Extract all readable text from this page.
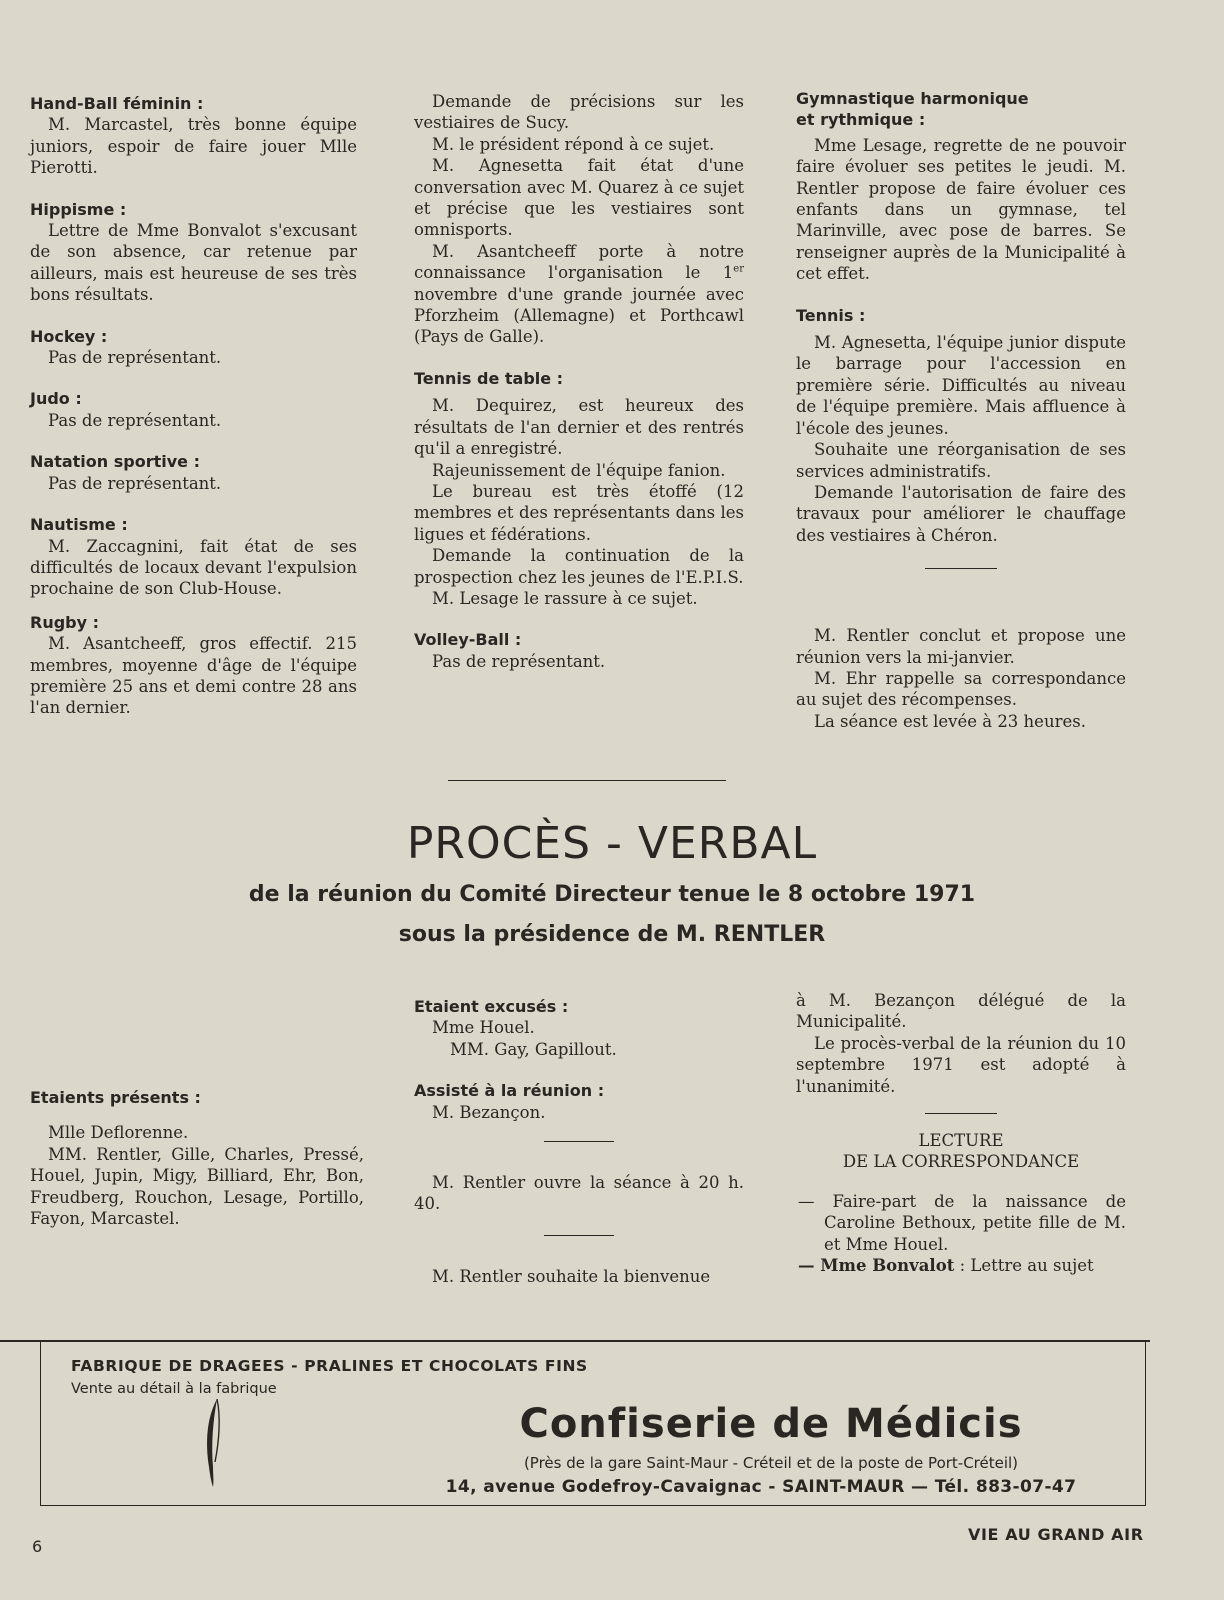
Hand-Ball féminin :

M. Marcastel, très bonne équipe juniors, espoir de faire jouer Mlle Pierotti.

Hippisme :

Lettre de Mme Bonvalot s'excusant de son absence, car retenue par ailleurs, mais est heureuse de ses très bons résultats.

Hockey :

Pas de représentant.

Judo :

Pas de représentant.

Natation sportive :

Pas de représentant.

Nautisme :

M. Zaccagnini, fait état de ses difficultés de locaux devant l'expulsion prochaine de son Club-House.

Rugby :

M. Asantcheeff, gros effectif. 215 membres, moyenne d'âge de l'équipe première 25 ans et demi contre 28 ans l'an dernier.

Demande de précisions sur les vestiaires de Sucy.

M. le président répond à ce sujet.

M. Agnesetta fait état d'une conversation avec M. Quarez à ce sujet et précise que les vestiaires sont omnisports.

M. Asantcheeff porte à notre connaissance l'organisation le 1er novembre d'une grande journée avec Pforzheim (Allemagne) et Porthcawl (Pays de Galle).

Tennis de table :

M. Dequirez, est heureux des résultats de l'an dernier et des rentrés qu'il a enregistré.

Rajeunissement de l'équipe fanion.

Le bureau est très étoffé (12 membres et des représentants dans les ligues et fédérations.

Demande la continuation de la prospection chez les jeunes de l'E.P.I.S.

M. Lesage le rassure à ce sujet.

Volley-Ball :

Pas de représentant.

Gymnastique harmonique et rythmique :

Mme Lesage, regrette de ne pouvoir faire évoluer ses petites le jeudi. M. Rentler propose de faire évoluer ces enfants dans un gymnase, tel Marinville, avec pose de barres. Se renseigner auprès de la Municipalité à cet effet.

Tennis :

M. Agnesetta, l'équipe junior dispute le barrage pour l'accession en première série. Difficultés au niveau de l'équipe première. Mais affluence à l'école des jeunes.

Souhaite une réorganisation de ses services administratifs.

Demande l'autorisation de faire des travaux pour améliorer le chauffage des vestiaires à Chéron.

M. Rentler conclut et propose une réunion vers la mi-janvier.

M. Ehr rappelle sa correspondance au sujet des récompenses.

La séance est levée à 23 heures.

PROCÈS - VERBAL
de la réunion du Comité Directeur tenue le 8 octobre 1971
sous la présidence de M. RENTLER

Etaients présents :

Mlle Deflorenne.

MM. Rentler, Gille, Charles, Pressé, Houel, Jupin, Migy, Billiard, Ehr, Bon, Freudberg, Rouchon, Lesage, Portillo, Fayon, Marcastel.

Etaient excusés :

Mme Houel.

MM. Gay, Gapillout.

Assisté à la réunion :

M. Bezançon.

M. Rentler ouvre la séance à 20 h. 40.

M. Rentler souhaite la bienvenue

à M. Bezançon délégué de la Municipalité.

Le procès-verbal de la réunion du 10 septembre 1971 est adopté à l'unanimité.

LECTURE

DE LA CORRESPONDANCE

— Faire-part de la naissance de Caroline Bethoux, petite fille de M. et Mme Houel.

— Mme Bonvalot : Lettre au sujet

FABRIQUE DE DRAGEES - PRALINES ET CHOCOLATS FINS
Vente au détail à la fabrique
Confiserie de Médicis
(Près de la gare Saint-Maur - Créteil et de la poste de Port-Créteil)
14, avenue Godefroy-Cavaignac - SAINT-MAUR — Tél. 883-07-47
6
VIE AU GRAND AIR
